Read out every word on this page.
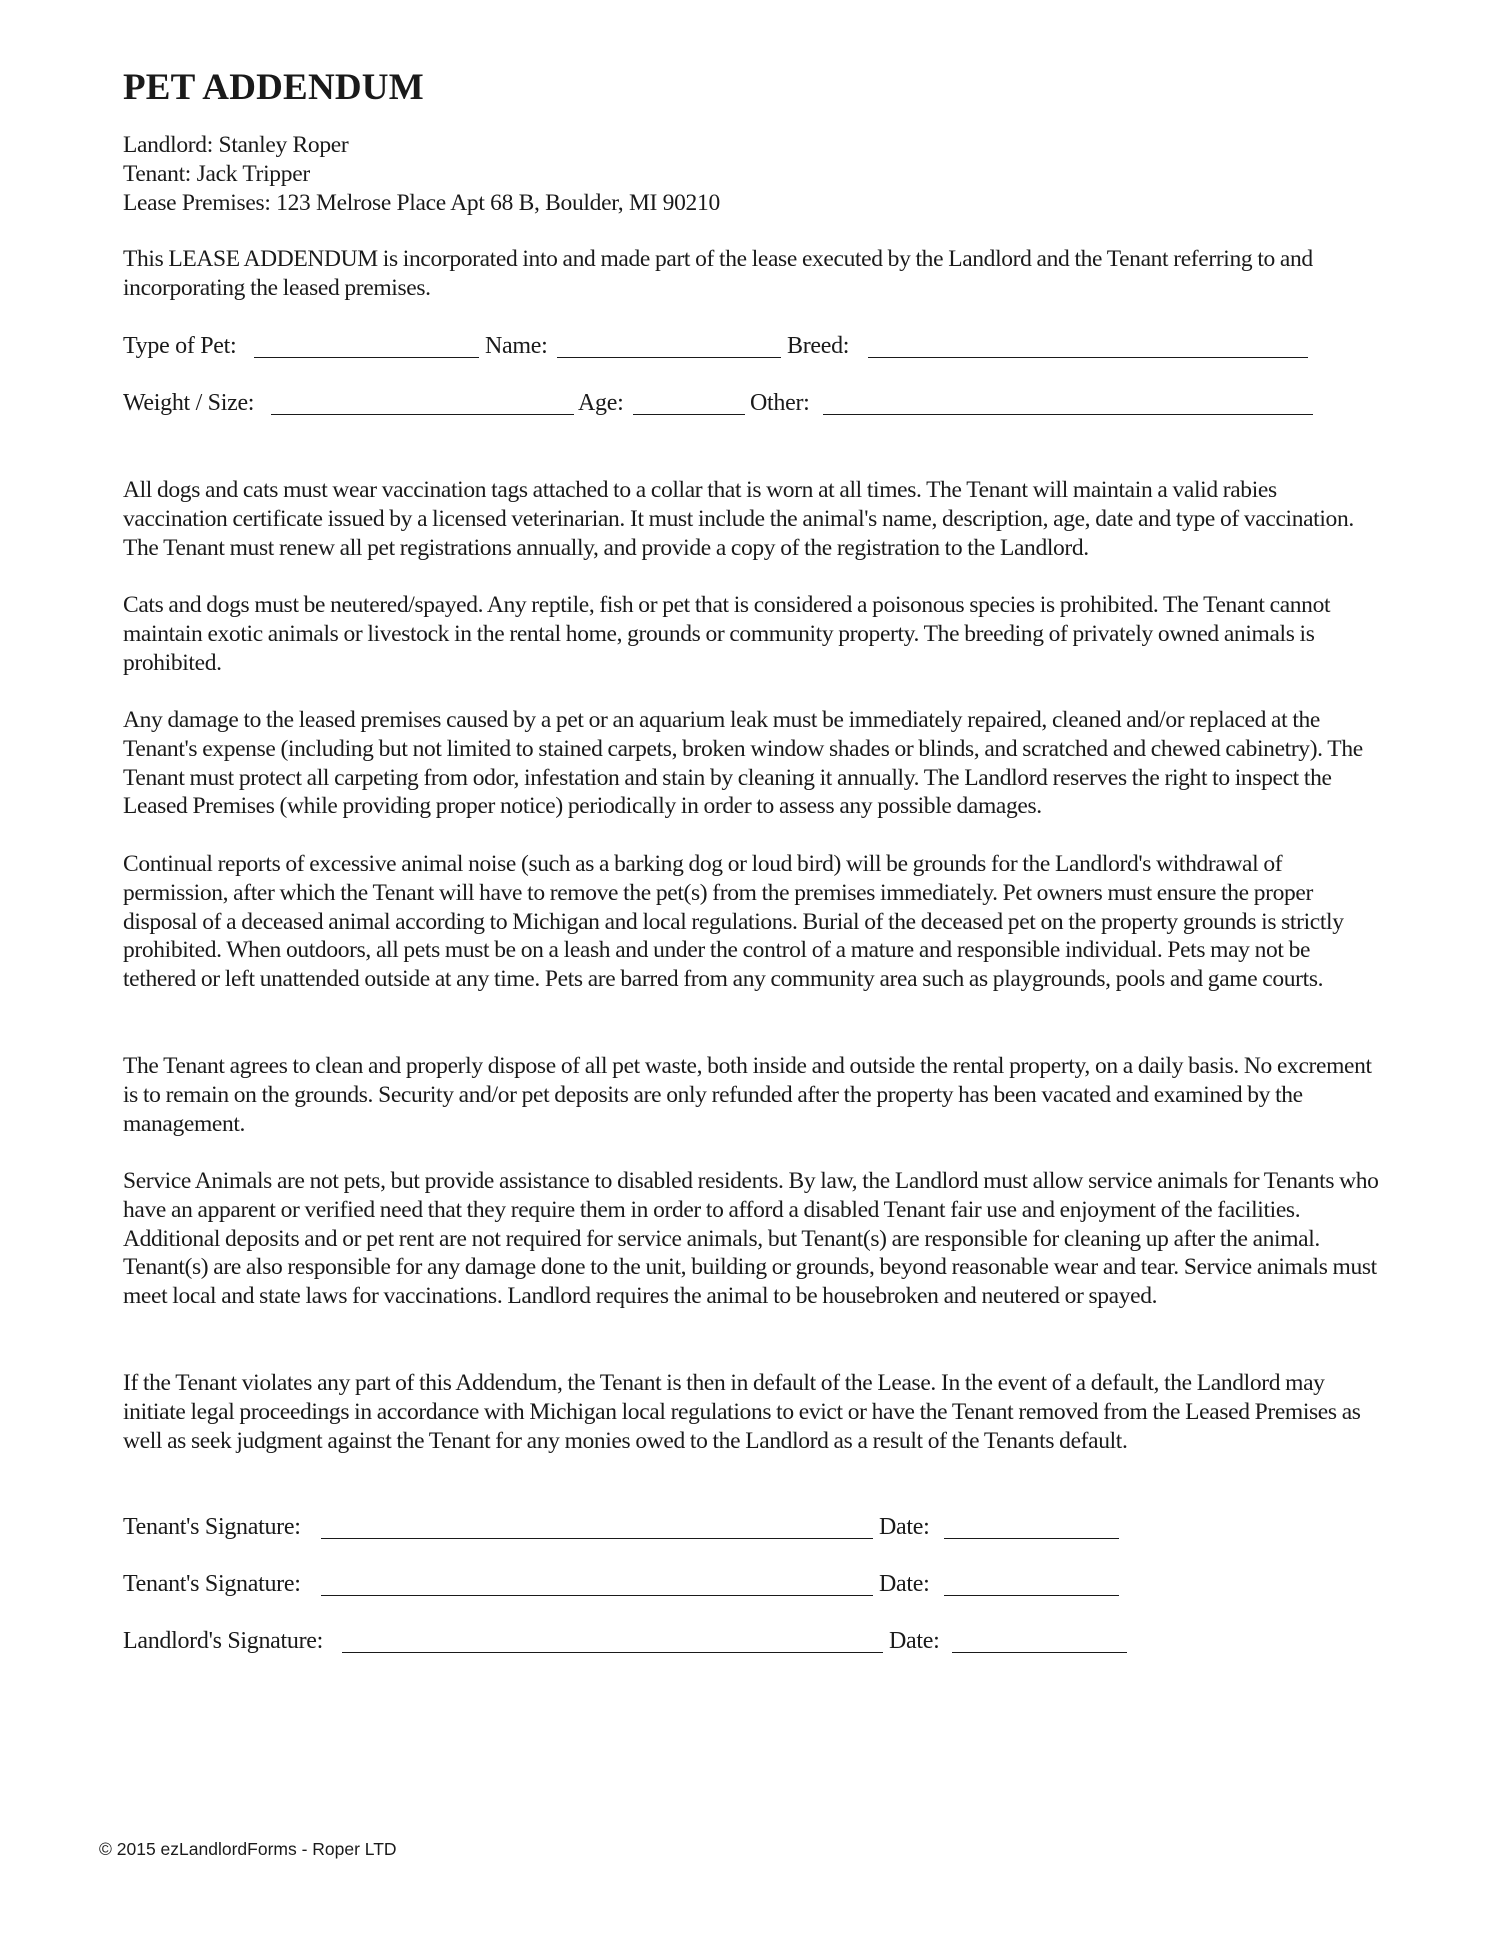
PET ADDENDUM
Landlord: Stanley Roper
Tenant: Jack Tripper
Lease Premises: 123 Melrose Place Apt 68 B, Boulder, MI 90210

This LEASE ADDENDUM is incorporated into and made part of the lease executed by the Landlord and the Tenant referring to and incorporating the leased premises.

Type of Pet:	Name:	Breed:
Weight / Size:	Age:	Other:

All dogs and cats must wear vaccination tags attached to a collar that is worn at all times. The Tenant will maintain a valid rabies vaccination certificate issued by a licensed veterinarian. It must include the animal's name, description, age, date and type of vaccination. The Tenant must renew all pet registrations annually, and provide a copy of the registration to the Landlord.

Cats and dogs must be neutered/spayed. Any reptile, fish or pet that is considered a poisonous species is prohibited. The Tenant cannot maintain exotic animals or livestock in the rental home, grounds or community property. The breeding of privately owned animals is prohibited.

Any damage to the leased premises caused by a pet or an aquarium leak must be immediately repaired, cleaned and/or replaced at the Tenant's expense (including but not limited to stained carpets, broken window shades or blinds, and scratched and chewed cabinetry). The Tenant must protect all carpeting from odor, infestation and stain by cleaning it annually. The Landlord reserves the right to inspect the Leased Premises (while providing proper notice) periodically in order to assess any possible damages.

Continual reports of excessive animal noise (such as a barking dog or loud bird) will be grounds for the Landlord's withdrawal of permission, after which the Tenant will have to remove the pet(s) from the premises immediately. Pet owners must ensure the proper disposal of a deceased animal according to Michigan and local regulations. Burial of the deceased pet on the property grounds is strictly prohibited. When outdoors, all pets must be on a leash and under the control of a mature and responsible individual. Pets may not be tethered or left unattended outside at any time. Pets are barred from any community area such as playgrounds, pools and game courts.

The Tenant agrees to clean and properly dispose of all pet waste, both inside and outside the rental property, on a daily basis. No excrement is to remain on the grounds. Security and/or pet deposits are only refunded after the property has been vacated and examined by the management.

Service Animals are not pets, but provide assistance to disabled residents. By law, the Landlord must allow service animals for Tenants who have an apparent or verified need that they require them in order to afford a disabled Tenant fair use and enjoyment of the facilities. Additional deposits and or pet rent are not required for service animals, but Tenant(s) are responsible for cleaning up after the animal. Tenant(s) are also responsible for any damage done to the unit, building or grounds, beyond reasonable wear and tear. Service animals must meet local and state laws for vaccinations. Landlord requires the animal to be housebroken and neutered or spayed.

If the Tenant violates any part of this Addendum, the Tenant is then in default of the Lease. In the event of a default, the Landlord may initiate legal proceedings in accordance with Michigan local regulations to evict or have the Tenant removed from the Leased Premises as well as seek judgment against the Tenant for any monies owed to the Landlord as a result of the Tenants default.

Tenant's Signature:	Date:
Tenant's Signature:	Date:
Landlord's Signature:	Date:
© 2015 ezLandlordForms - Roper LTD
